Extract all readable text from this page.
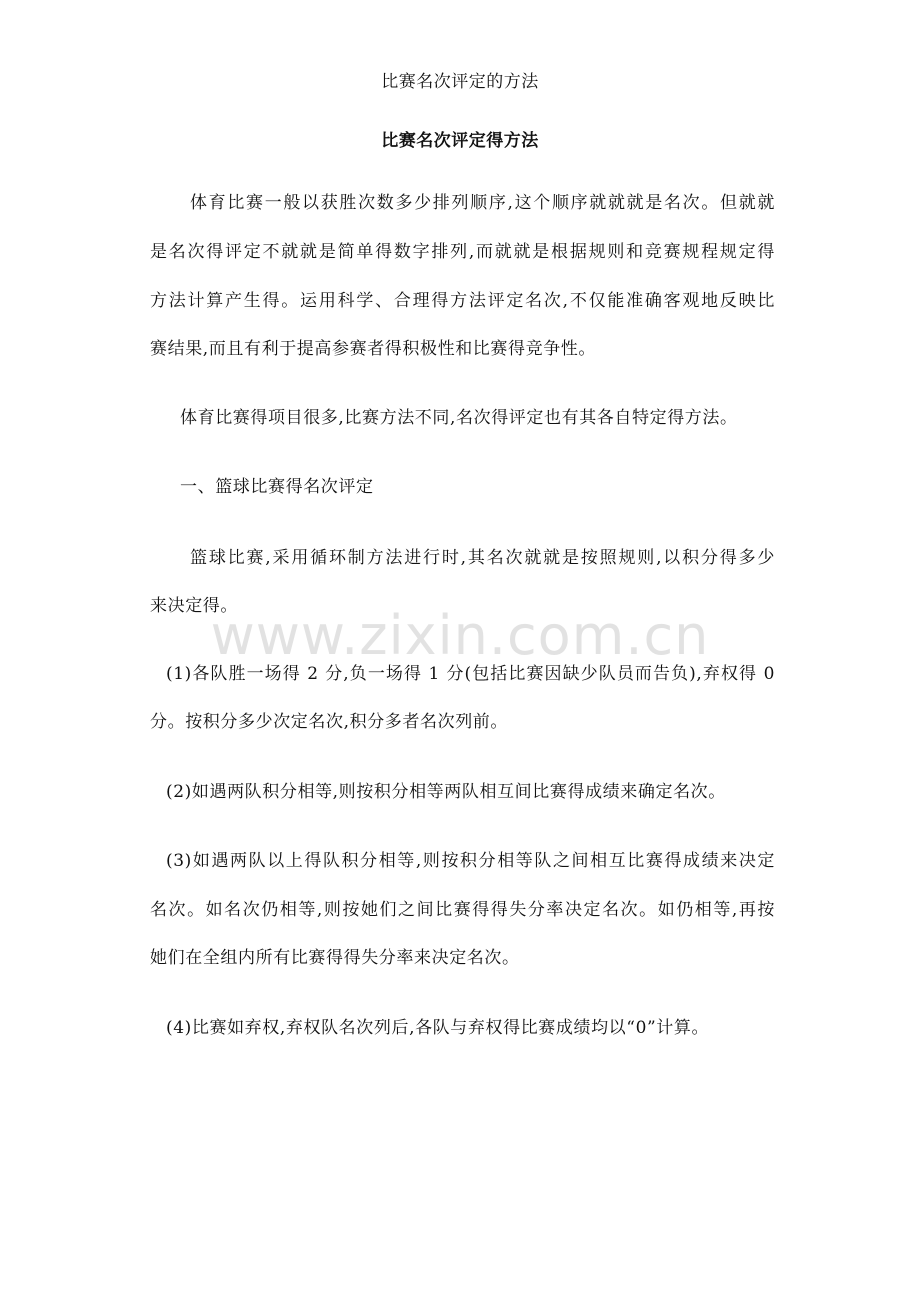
比赛名次评定的方法
比赛名次评定得方法
体育比赛一般以获胜次数多少排列顺序,这个顺序就就就是名次。但就就
是名次得评定不就就是简单得数字排列,而就就是根据规则和竞赛规程规定得
方法计算产生得。运用科学、合理得方法评定名次,不仅能准确客观地反映比
赛结果,而且有利于提高参赛者得积极性和比赛得竞争性。
体育比赛得项目很多,比赛方法不同,名次得评定也有其各自特定得方法。
一、篮球比赛得名次评定
篮球比赛,采用循环制方法进行时,其名次就就是按照规则,以积分得多少
来决定得。
www.zixin.com.cn
(1)各队胜一场得 2 分,负一场得 1 分(包括比赛因缺少队员而告负),弃权得 0
分。按积分多少次定名次,积分多者名次列前。
(2)如遇两队积分相等,则按积分相等两队相互间比赛得成绩来确定名次。
(3)如遇两队以上得队积分相等,则按积分相等队之间相互比赛得成绩来决定
名次。如名次仍相等,则按她们之间比赛得得失分率决定名次。如仍相等,再按
她们在全组内所有比赛得得失分率来决定名次。
(4)比赛如弃权,弃权队名次列后,各队与弃权得比赛成绩均以“0”计算。
